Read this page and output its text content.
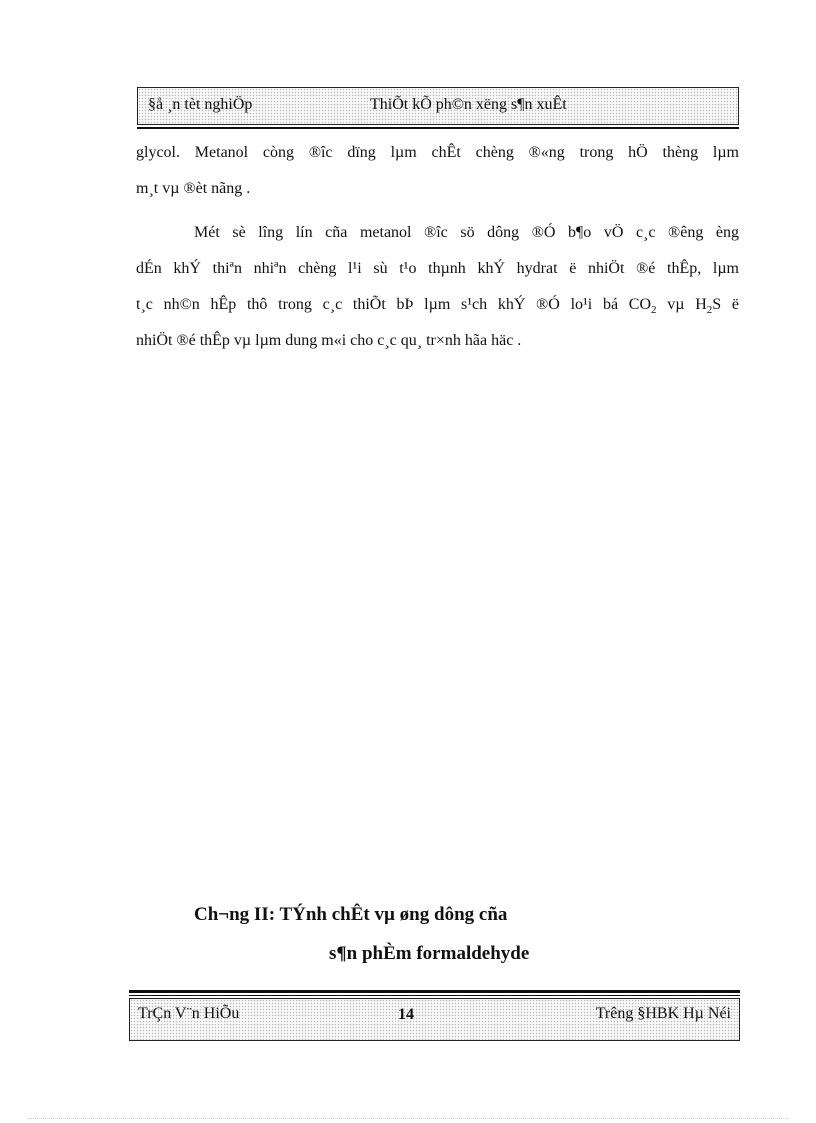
§å ¸n tèt nghiÖp	ThiÕt kÕ ph©n xëng s¶n xuÊt
glycol. Metanol còng ®îc dïng lµm chÊt chèng ®«ng trong hÖ thèng lµm
m¸t vµ ®èt nãng .
Mét sè lîng lín cña metanol ®îc sö dông ®Ó b¶o vÖ c¸c ®êng èng
dÉn khÝ thiªn nhiªn chèng l¹i sù t¹o thµnh khÝ hydrat ë nhiÖt ®é thÊp, lµm
t¸c nh©n hÊp thô trong c¸c thiÕt bÞ lµm s¹ch khÝ ®Ó lo¹i bá $CO_2$ vµ $H_2S$ ë
nhiÖt ®é thÊp vµ lµm dung m«i cho c¸c qu¸ tr×nh hãa häc .
Ch¬ng II: TÝnh chÊt vµ øng dông cña
s¶n phÈm formaldehyde
TrÇn V¨n HiÕu	14	Trêng §HBK Hµ Néi
